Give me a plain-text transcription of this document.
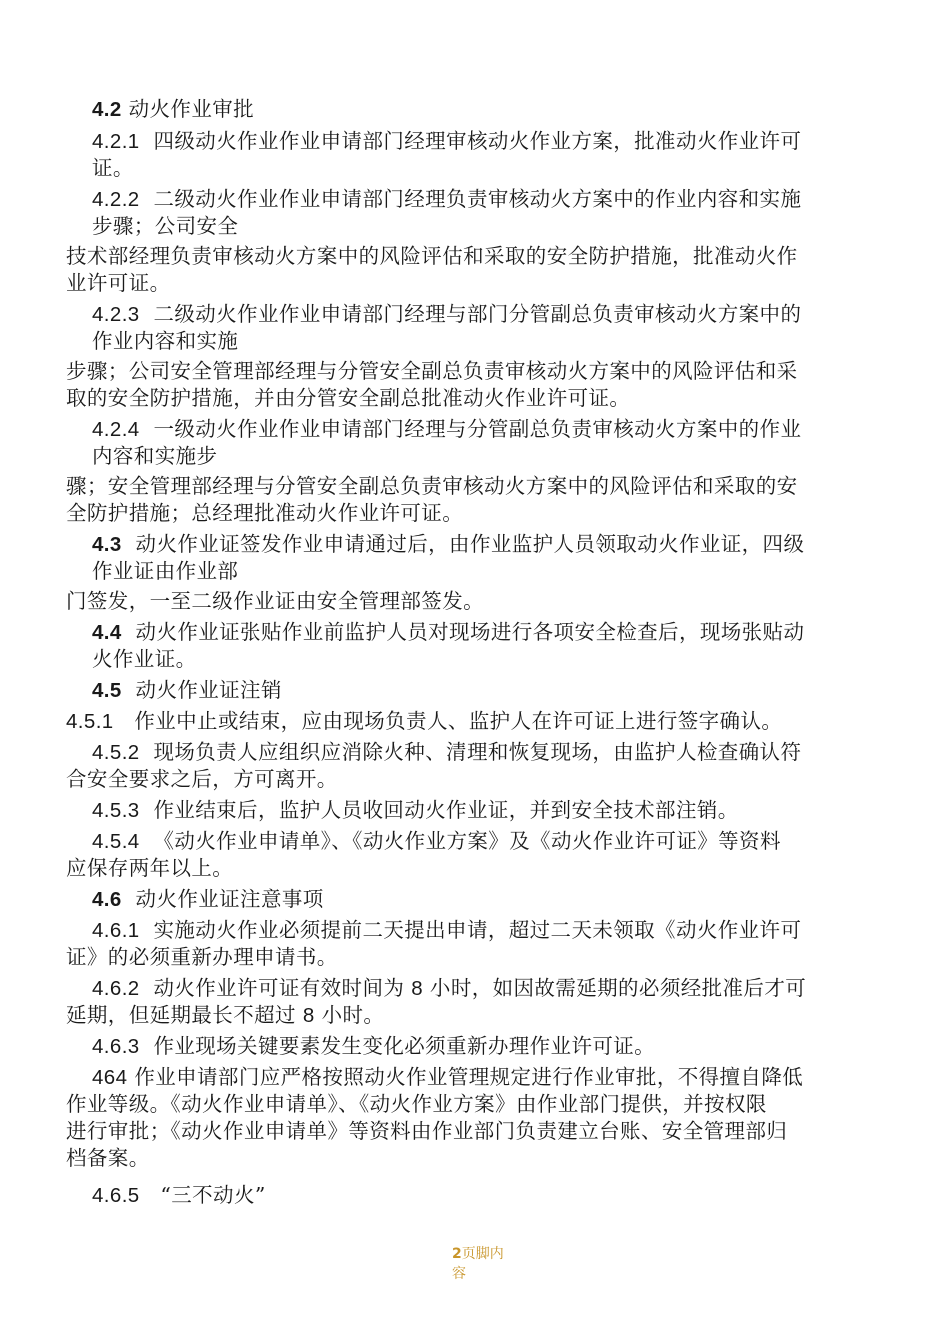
4.2 动火作业审批
4.2.1 四级动火作业作业申请部门经理审核动火作业方案，批准动火作业许可
证。
4.2.2 二级动火作业作业申请部门经理负责审核动火方案中的作业内容和实施
步骤；公司安全
技术部经理负责审核动火方案中的风险评估和采取的安全防护措施，批准动火作
业许可证。
4.2.3 二级动火作业作业申请部门经理与部门分管副总负责审核动火方案中的
作业内容和实施
步骤；公司安全管理部经理与分管安全副总负责审核动火方案中的风险评估和采
取的安全防护措施，并由分管安全副总批准动火作业许可证。
4.2.4 一级动火作业作业申请部门经理与分管副总负责审核动火方案中的作业
内容和实施步
骤；安全管理部经理与分管安全副总负责审核动火方案中的风险评估和采取的安
全防护措施；总经理批准动火作业许可证。
4.3 动火作业证签发作业申请通过后，由作业监护人员领取动火作业证，四级
作业证由作业部
门签发，一至二级作业证由安全管理部签发。
4.4 动火作业证张贴作业前监护人员对现场进行各项安全检查后，现场张贴动
火作业证。
4.5 动火作业证注销
4.5.1 作业中止或结束，应由现场负责人、监护人在许可证上进行签字确认。
4.5.2 现场负责人应组织应消除火种、清理和恢复现场，由监护人检查确认符
合安全要求之后，方可离开。
4.5.3 作业结束后，监护人员收回动火作业证，并到安全技术部注销。
4.5.4 《动火作业申请单》、《动火作业方案》及《动火作业许可证》等资料
应保存两年以上。
4.6 动火作业证注意事项
4.6.1 实施动火作业必须提前二天提出申请，超过二天未领取《动火作业许可
证》的必须重新办理申请书。
4.6.2 动火作业许可证有效时间为 8 小时，如因故需延期的必须经批准后才可
延期，但延期最长不超过 8 小时。
4.6.3 作业现场关键要素发生变化必须重新办理作业许可证。
464 作业申请部门应严格按照动火作业管理规定进行作业审批，不得擅自降低
作业等级。《动火作业申请单》、《动火作业方案》由作业部门提供，并按权限
进行审批；《动火作业申请单》等资料由作业部门负责建立台账、安全管理部归
档备案。
4.6.5 “三不动火”
2页脚内
容
